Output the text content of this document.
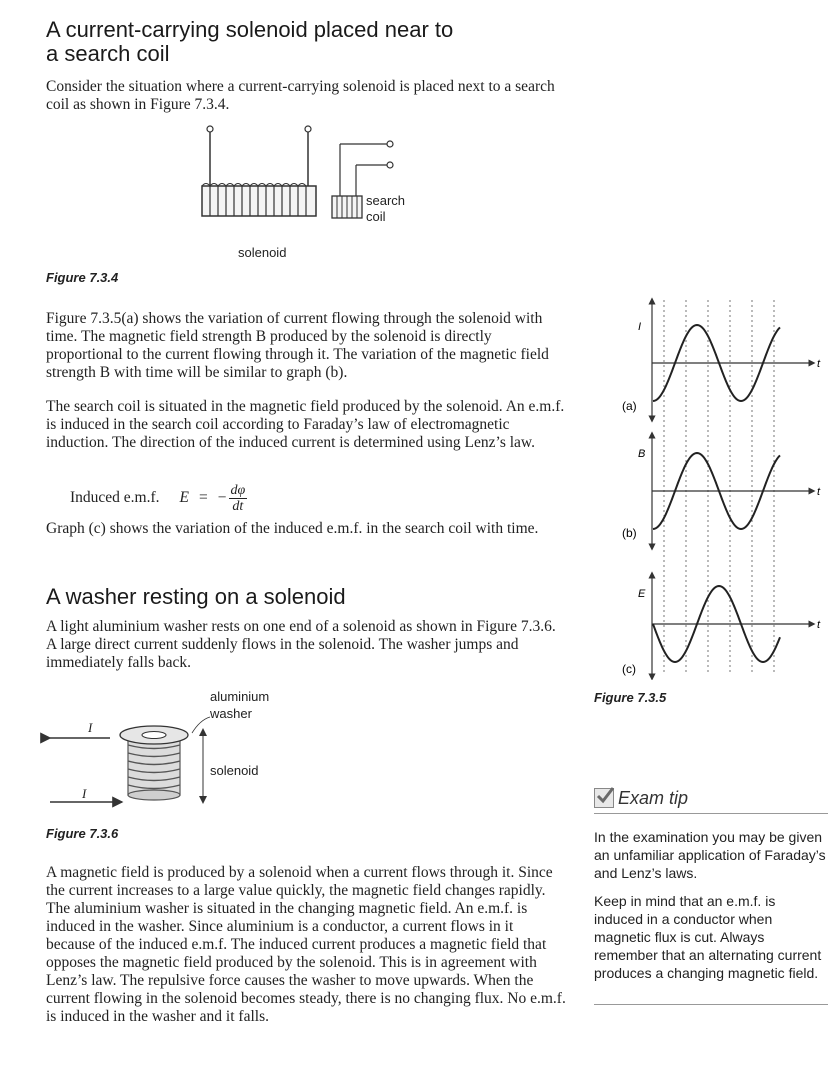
A current-carrying solenoid placed near to
a search coil

Consider the situation where a current-carrying solenoid is placed next to a search coil as shown in Figure 7.3.4.

solenoid
search
coil
Figure 7.3.4

Figure 7.3.5(a) shows the variation of current flowing through the solenoid with time. The magnetic field strength B produced by the solenoid is directly proportional to the current flowing through it. The variation of the magnetic field strength B with time will be similar to graph (b).

The search coil is situated in the magnetic field produced by the solenoid. An e.m.f. is induced in the search coil according to Faraday’s law of electromagnetic induction. The direction of the induced current is determined using Lenz’s law.

Induced e.m.f. E = − $\frac{d\varphi}{dt}$

Graph (c) shows the variation of the induced e.m.f. in the search coil with time.

A washer resting on a solenoid

A light aluminium washer rests on one end of a solenoid as shown in Figure 7.3.6. A large direct current suddenly flows in the solenoid. The washer jumps and immediately falls back.

aluminium
washer
solenoid
I
I
Figure 7.3.6

A magnetic field is produced by a solenoid when a current flows through it. Since the current increases to a large value quickly, the magnetic field changes rapidly. The aluminium washer is situated in the changing magnetic field. An e.m.f. is induced in the washer. Since aluminium is a conductor, a current flows in it because of the induced e.m.f. The induced current produces a magnetic field that opposes the magnetic field produced by the solenoid. This is in agreement with Lenz’s law. The repulsive force causes the washer to move upwards. When the current flowing in the solenoid becomes steady, there is no changing flux. No e.m.f. is induced in the washer and it falls.

I
t
(a)
B
t
(b)
E
t
(c)
Figure 7.3.5
Exam tip

In the examination you may be given an unfamiliar application of Faraday’s and Lenz’s laws.

Keep in mind that an e.m.f. is induced in a conductor when magnetic flux is cut. Always remember that an alternating current produces a changing magnetic field.
